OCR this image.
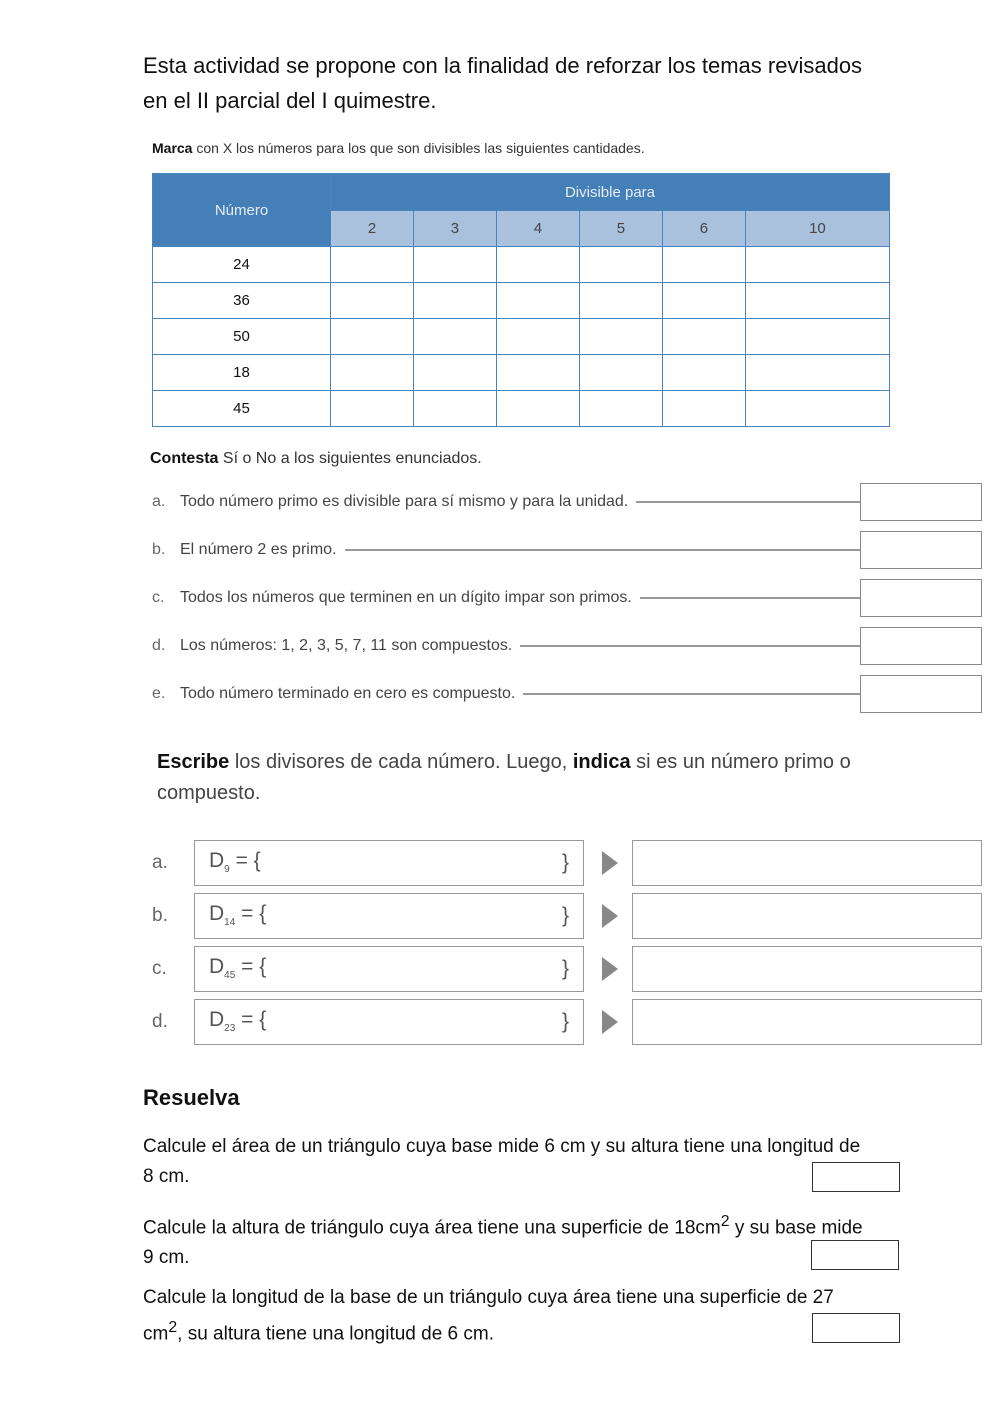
Esta actividad se propone con la finalidad de reforzar los temas revisados en el II parcial del I quimestre.
Marca con X los números para los que son divisibles las siguientes cantidades.
Número	Divisible para					
	2	3	4	5	6	10
24						
36						
50						
18						
45						
Contesta Sí o No a los siguientes enunciados.
a. Todo número primo es divisible para sí mismo y para la unidad.
b. El número 2 es primo.
c. Todos los números que terminen en un dígito impar son primos.
d. Los números: 1, 2, 3, 5, 7, 11 son compuestos.
e. Todo número terminado en cero es compuesto.
Escribe los divisores de cada número. Luego, indica si es un número primo o compuesto.
a.	$D_9$ = {	}
b.	$D_{14}$ = {	}
c.	$D_{45}$ = {	}
d.	$D_{23}$ = {	}
Resuelva
Calcule el área de un triángulo cuya base mide 6 cm y su altura tiene una longitud de 8 cm.
Calcule la altura de triángulo cuya área tiene una superficie de $18cm^2$ y su base mide 9 cm.
Calcule la longitud de la base de un triángulo cuya área tiene una superficie de 27 $cm^2$, su altura tiene una longitud de 6 cm.
